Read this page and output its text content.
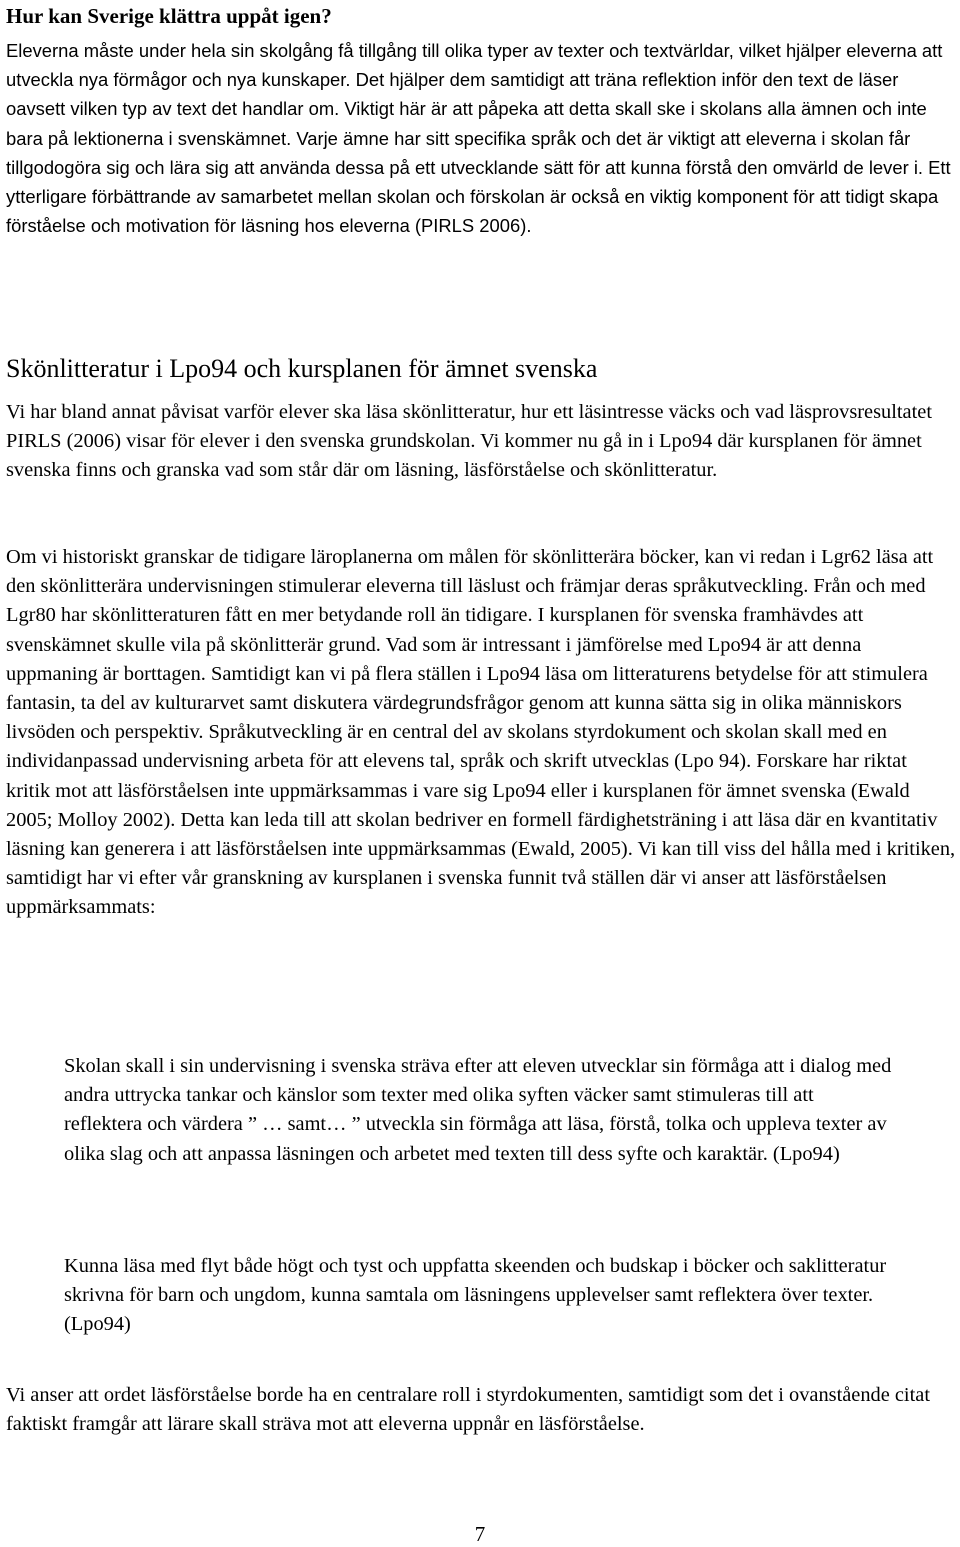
Hur kan Sverige klättra uppåt igen?

Eleverna måste under hela sin skolgång få tillgång till olika typer av texter och textvärldar, vilket hjälper eleverna att utveckla nya förmågor och nya kunskaper. Det hjälper dem samtidigt att träna reflektion inför den text de läser oavsett vilken typ av text det handlar om. Viktigt här är att påpeka att detta skall ske i skolans alla ämnen och inte bara på lektionerna i svenskämnet. Varje ämne har sitt specifika språk och det är viktigt att eleverna i skolan får tillgodogöra sig och lära sig att använda dessa på ett utvecklande sätt för att kunna förstå den omvärld de lever i. Ett ytterligare förbättrande av samarbetet mellan skolan och förskolan är också en viktig komponent för att tidigt skapa förståelse och motivation för läsning hos eleverna (PIRLS 2006).

Skönlitteratur i Lpo94 och kursplanen för ämnet svenska

Vi har bland annat påvisat varför elever ska läsa skönlitteratur, hur ett läsintresse väcks och vad läsprovsresultatet PIRLS (2006) visar för elever i den svenska grundskolan. Vi kommer nu gå in i Lpo94 där kursplanen för ämnet svenska finns och granska vad som står där om läsning, läsförståelse och skönlitteratur.

Om vi historiskt granskar de tidigare läroplanerna om målen för skönlitterära böcker, kan vi redan i Lgr62 läsa att den skönlitterära undervisningen stimulerar eleverna till läslust och främjar deras språkutveckling. Från och med Lgr80 har skönlitteraturen fått en mer betydande roll än tidigare. I kursplanen för svenska framhävdes att svenskämnet skulle vila på skönlitterär grund. Vad som är intressant i jämförelse med Lpo94 är att denna uppmaning är borttagen. Samtidigt kan vi på flera ställen i Lpo94 läsa om litteraturens betydelse för att stimulera fantasin, ta del av kulturarvet samt diskutera värdegrundsfrågor genom att kunna sätta sig in olika människors livsöden och perspektiv. Språkutveckling är en central del av skolans styrdokument och skolan skall med en individanpassad undervisning arbeta för att elevens tal, språk och skrift utvecklas (Lpo 94). Forskare har riktat kritik mot att läsförståelsen inte uppmärksammas i vare sig Lpo94 eller i kursplanen för ämnet svenska (Ewald 2005; Molloy 2002). Detta kan leda till att skolan bedriver en formell färdighetsträning i att läsa där en kvantitativ läsning kan generera i att läsförståelsen inte uppmärksammas (Ewald, 2005). Vi kan till viss del hålla med i kritiken, samtidigt har vi efter vår granskning av kursplanen i svenska funnit två ställen där vi anser att läsförståelsen uppmärksammats:

Skolan skall i sin undervisning i svenska sträva efter att eleven utvecklar sin förmåga att i dialog med andra uttrycka tankar och känslor som texter med olika syften väcker samt stimuleras till att reflektera och värdera ” … samt… ” utveckla sin förmåga att läsa, förstå, tolka och uppleva texter av olika slag och att anpassa läsningen och arbetet med texten till dess syfte och karaktär. (Lpo94)

Kunna läsa med flyt både högt och tyst och uppfatta skeenden och budskap i böcker och saklitteratur skrivna för barn och ungdom, kunna samtala om läsningens upplevelser samt reflektera över texter. (Lpo94)

Vi anser att ordet läsförståelse borde ha en centralare roll i styrdokumenten, samtidigt som det i ovanstående citat faktiskt framgår att lärare skall sträva mot att eleverna uppnår en läsförståelse.

7
